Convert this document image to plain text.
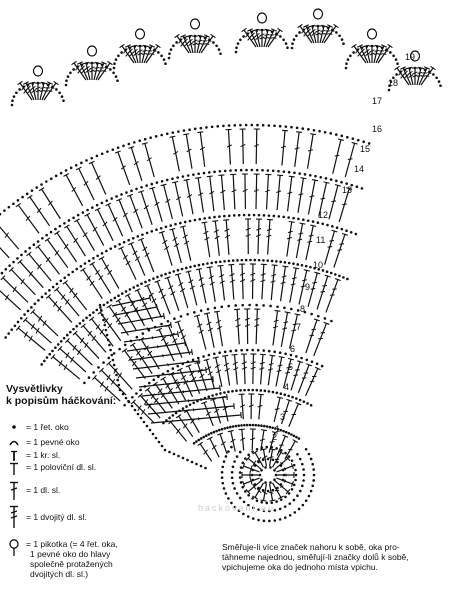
1
2
3
4
5
6
7
8
9
10
11
12
13
14
15
16
17
18
19
hackovani.eu
Vysvětlivky
k popisům háčkování:
= 1 řet. oko
= 1 pevné oko
= 1 kr. sl.
= 1 poloviční dl. sl.
= 1 dl. sl.
= 1 dvojitý dl. sl.
= 1 pikotka (= 4 řet. oka,
1 pevné oko do hlavy
společně protažených
dvojitých dl. sl.)
Směřuje-li více značek nahoru k sobě, oka pro-
táhneme najednou, směřují-li značky dolů k sobě,
vpichujeme oka do jednoho místa vpichu.
